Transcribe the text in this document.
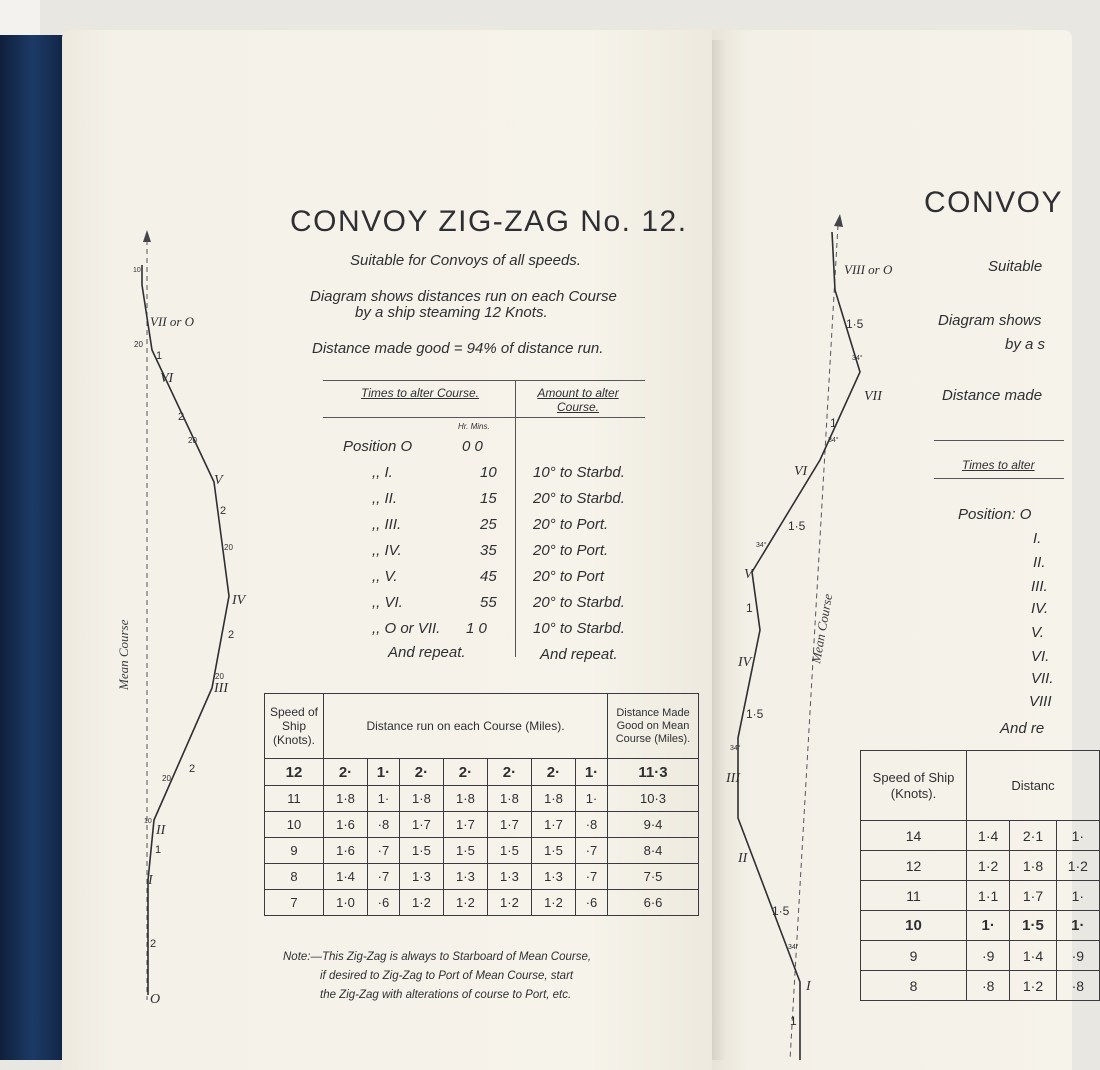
CONVOY ZIG-ZAG No. 12.
Suitable for Convoys of all speeds.
Diagram shows distances run on each Course
by a ship steaming 12 Knots.
Distance made good = 94% of distance run.
Times to alter Course.	Amount to alter Course.
Hr. Mins.
Position O	0 0
,, I.	10 10° to Starbd.
,, II.	15 20° to Starbd.
,, III.	25 20° to Port.
,, IV.	35 20° to Port.
,, V.	45 20° to Port
,, VI.	55 20° to Starbd.
,, O or VII. 1 0	10° to Starbd.
And repeat.	And repeat.
Speed of Ship (Knots).	Distance run on each Course (Miles).							Distance Made Good on Mean Course (Miles).
12	2·	1·	2·	2·	2·	2·	1·	11·3
11	1·8	1·	1·8	1·8	1·8	1·8	1·	10·3
10	1·6	·8	1·7	1·7	1·7	1·7	·8	9·4
9	1·6	·7	1·5	1·5	1·5	1·5	·7	8·4
8	1·4	·7	1·3	1·3	1·3	1·3	·7	7·5
7	1·0	·6	1·2	1·2	1·2	1·2	·6	6·6
Note:—This Zig-Zag is always to Starboard of Mean Course,
if desired to Zig-Zag to Port of Mean Course, start
the Zig-Zag with alterations of course to Port, etc.
Mean Course
O
I
II
III
IV
V
VI
VII or O
2
1
2
2
2
2
1
10
20
20
20
20
20
10
CONVOY
Suitable
Diagram shows
by a s
Distance made
Times to alter
Position: O
I.
II.
III.
IV.
V.
VI.
VII.
VIII
And re
Speed of Ship (Knots).	Distanc		
14	1·4	2·1	1·
12	1·2	1·8	1·2
11	1·1	1·7	1·
10	1·	1·5	1·
9	·9	1·4	·9
8	·8	1·2	·8
Mean Course
I
II
III
IV
V
VI
VII
VIII or O
1
1·5
1·5
1
1·5
1
1·5
34°
34°
34°
34°
34°
